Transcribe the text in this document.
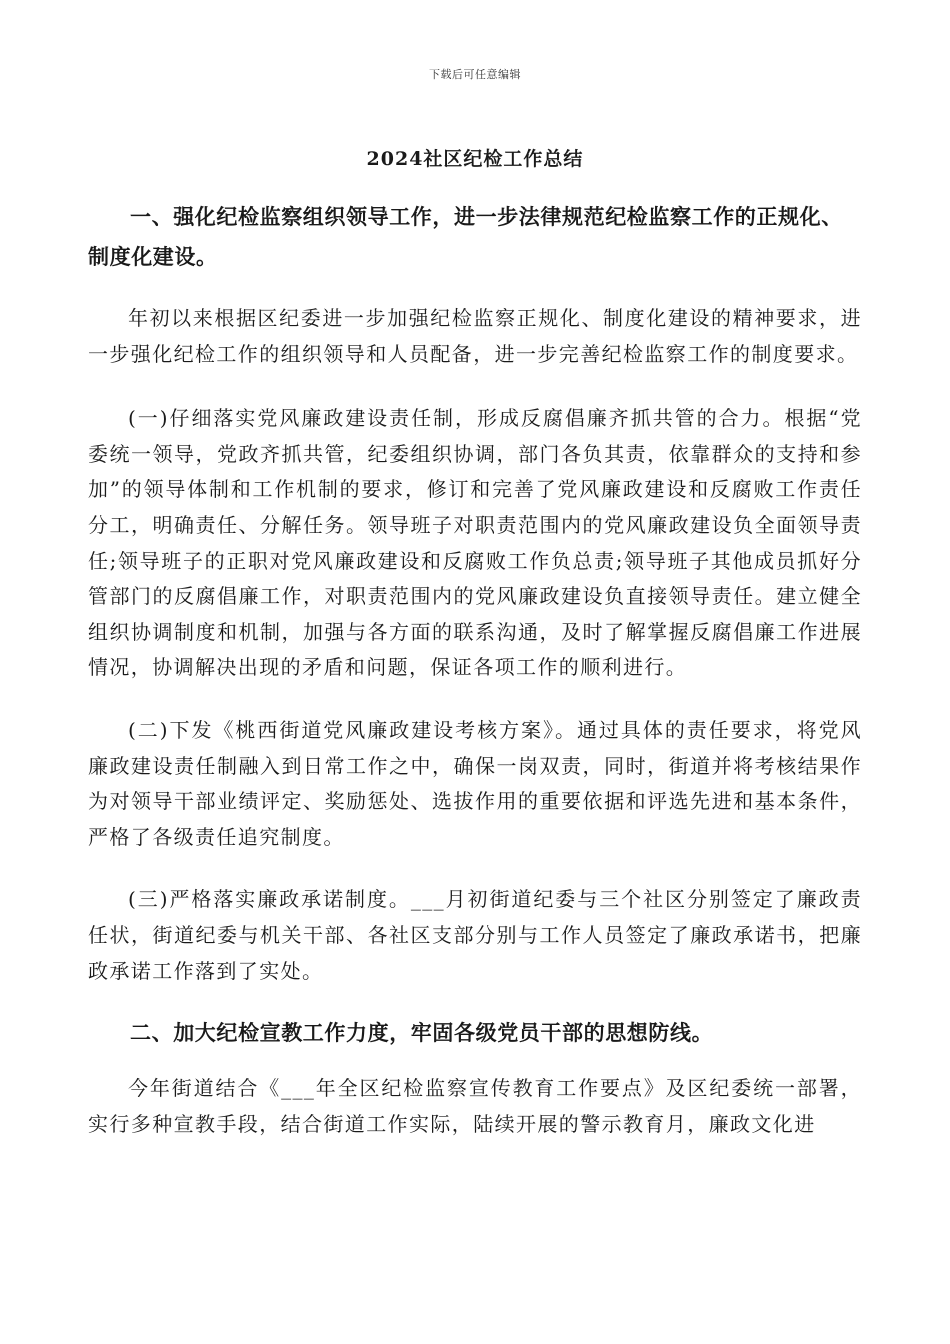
下载后可任意编辑
2024社区纪检工作总结

一、强化纪检监察组织领导工作，进一步法律规范纪检监察工作的正规化、制度化建设。

年初以来根据区纪委进一步加强纪检监察正规化、制度化建设的精神要求，进一步强化纪检工作的组织领导和人员配备，进一步完善纪检监察工作的制度要求。

(一)仔细落实党风廉政建设责任制，形成反腐倡廉齐抓共管的合力。根据“党委统一领导，党政齐抓共管，纪委组织协调，部门各负其责，依靠群众的支持和参加”的领导体制和工作机制的要求，修订和完善了党风廉政建设和反腐败工作责任分工，明确责任、分解任务。领导班子对职责范围内的党风廉政建设负全面领导责任;领导班子的正职对党风廉政建设和反腐败工作负总责;领导班子其他成员抓好分管部门的反腐倡廉工作，对职责范围内的党风廉政建设负直接领导责任。建立健全组织协调制度和机制，加强与各方面的联系沟通，及时了解掌握反腐倡廉工作进展情况，协调解决出现的矛盾和问题，保证各项工作的顺利进行。

(二)下发《桃西街道党风廉政建设考核方案》。通过具体的责任要求，将党风廉政建设责任制融入到日常工作之中，确保一岗双责，同时，街道并将考核结果作为对领导干部业绩评定、奖励惩处、选拔作用的重要依据和评选先进和基本条件，严格了各级责任追究制度。

(三)严格落实廉政承诺制度。___月初街道纪委与三个社区分别签定了廉政责任状，街道纪委与机关干部、各社区支部分别与工作人员签定了廉政承诺书，把廉政承诺工作落到了实处。

二、加大纪检宣教工作力度，牢固各级党员干部的思想防线。

今年街道结合《___年全区纪检监察宣传教育工作要点》及区纪委统一部署，实行多种宣教手段，结合街道工作实际，陆续开展的警示教育月，廉政文化进
